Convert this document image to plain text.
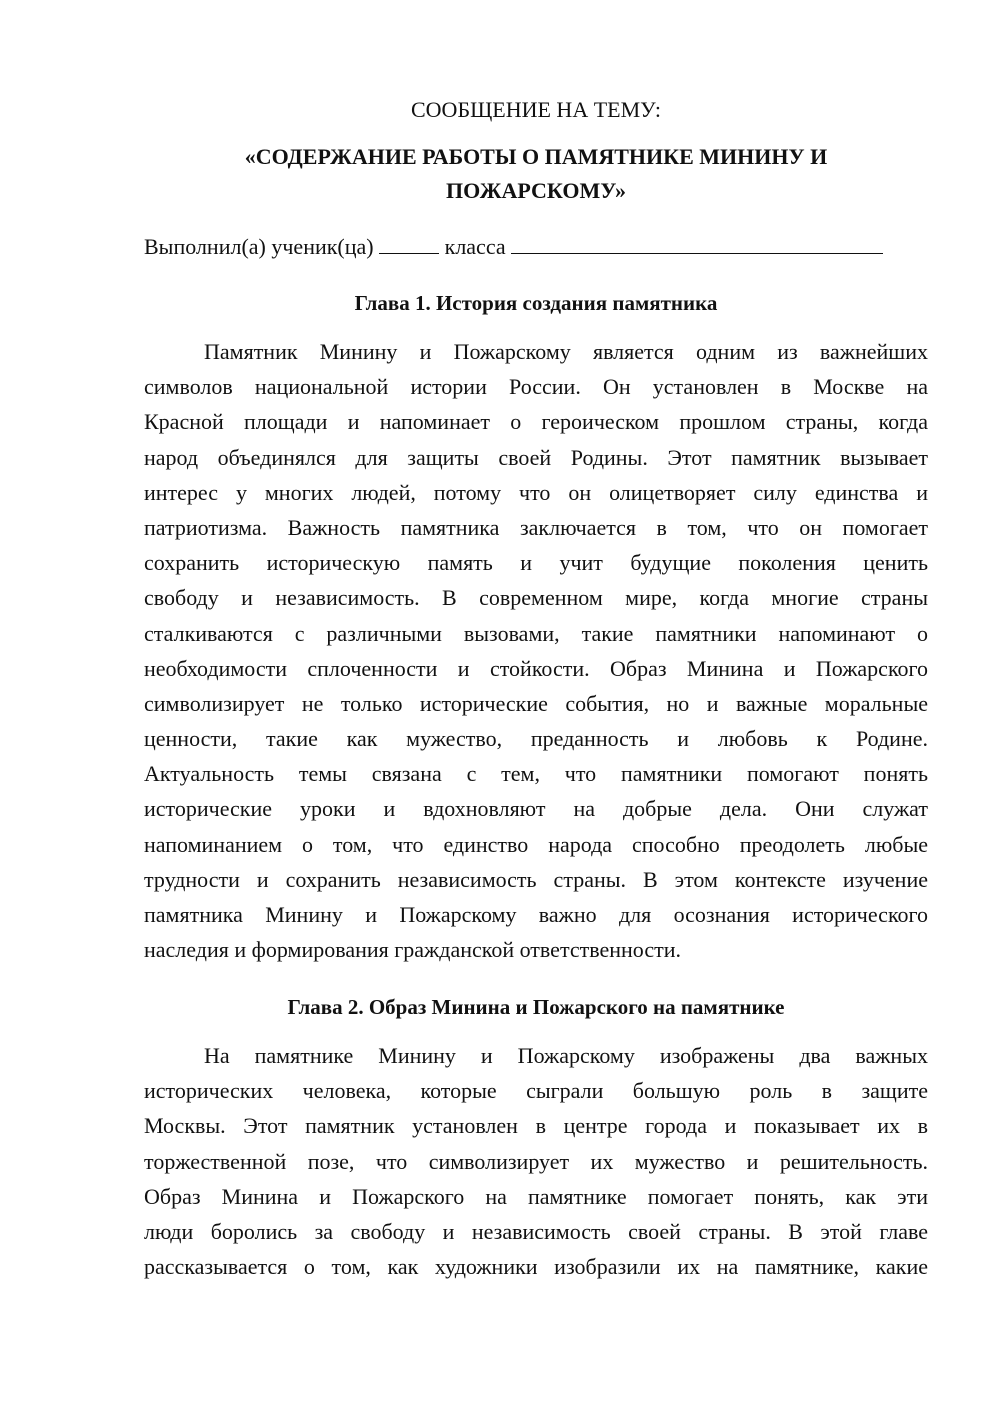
СООБЩЕНИЕ НА ТЕМУ:

«СОДЕРЖАНИЕ РАБОТЫ О ПАМЯТНИКЕ МИНИНУ И

ПОЖАРСКОМУ»

Выполнил(а) ученик(ца)	класса

Глава 1. История создания памятника

Памятник Минину и Пожарскому является одним из важнейших
символов национальной истории России. Он установлен в Москве на
Красной площади и напоминает о героическом прошлом страны, когда
народ объединялся для защиты своей Родины. Этот памятник вызывает
интерес у многих людей, потому что он олицетворяет силу единства и
патриотизма. Важность памятника заключается в том, что он помогает
сохранить историческую память и учит будущие поколения ценить
свободу и независимость. В современном мире, когда многие страны
сталкиваются с различными вызовами, такие памятники напоминают о
необходимости сплоченности и стойкости. Образ Минина и Пожарского
символизирует не только исторические события, но и важные моральные
ценности, такие как мужество, преданность и любовь к Родине.
Актуальность темы связана с тем, что памятники помогают понять
исторические уроки и вдохновляют на добрые дела. Они служат
напоминанием о том, что единство народа способно преодолеть любые
трудности и сохранить независимость страны. В этом контексте изучение
памятника Минину и Пожарскому важно для осознания исторического
наследия и формирования гражданской ответственности.

Глава 2. Образ Минина и Пожарского на памятнике

На памятнике Минину и Пожарскому изображены два важных
исторических человека, которые сыграли большую роль в защите
Москвы. Этот памятник установлен в центре города и показывает их в
торжественной позе, что символизирует их мужество и решительность.
Образ Минина и Пожарского на памятнике помогает понять, как эти
люди боролись за свободу и независимость своей страны. В этой главе
рассказывается о том, как художники изобразили их на памятнике, какие
